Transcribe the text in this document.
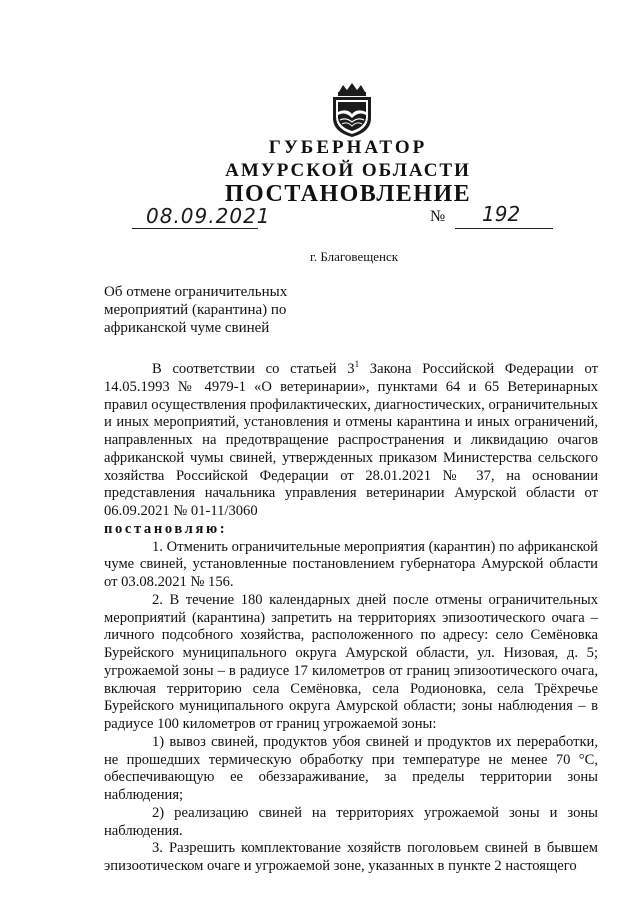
ГУБЕРНАТОР
АМУРСКОЙ ОБЛАСТИ
ПОСТАНОВЛЕНИЕ
08.09.2021	№ 192
г. Благовещенск
Об отмене ограничительных
мероприятий (карантина) по
африканской чуме свиней

В соответствии со статьей $3^1$ Закона Российской Федерации от 14.05.1993 № 4979-1 «О ветеринарии», пунктами 64 и 65 Ветеринарных правил осуществления профилактических, диагностических, ограничительных и иных мероприятий, установления и отмены карантина и иных ограничений, направленных на предотвращение распространения и ликвидацию очагов африканской чумы свиней, утвержденных приказом Министерства сельского хозяйства Российской Федерации от 28.01.2021 № 37, на основании представления начальника управления ветеринарии Амурской области от 06.09.2021 № 01-11/3060

постановляю:

1. Отменить ограничительные мероприятия (карантин) по африканской чуме свиней, установленные постановлением губернатора Амурской области от 03.08.2021 № 156.

2. В течение 180 календарных дней после отмены ограничительных мероприятий (карантина) запретить на территориях эпизоотического очага – личного подсобного хозяйства, расположенного по адресу: село Семёновка Бурейского муниципального округа Амурской области, ул. Низовая, д. 5; угрожаемой зоны – в радиусе 17 километров от границ эпизоотического очага, включая территорию села Семёновка, села Родионовка, села Трёхречье Бурейского муниципального округа Амурской области; зоны наблюдения – в радиусе 100 километров от границ угрожаемой зоны:

1) вывоз свиней, продуктов убоя свиней и продуктов их переработки, не прошедших термическую обработку при температуре не менее 70 °С, обеспечивающую ее обеззараживание, за пределы территории зоны наблюдения;

2) реализацию свиней на территориях угрожаемой зоны и зоны наблюдения.

3. Разрешить комплектование хозяйств поголовьем свиней в бывшем эпизоотическом очаге и угрожаемой зоне, указанных в пункте 2 настоящего
